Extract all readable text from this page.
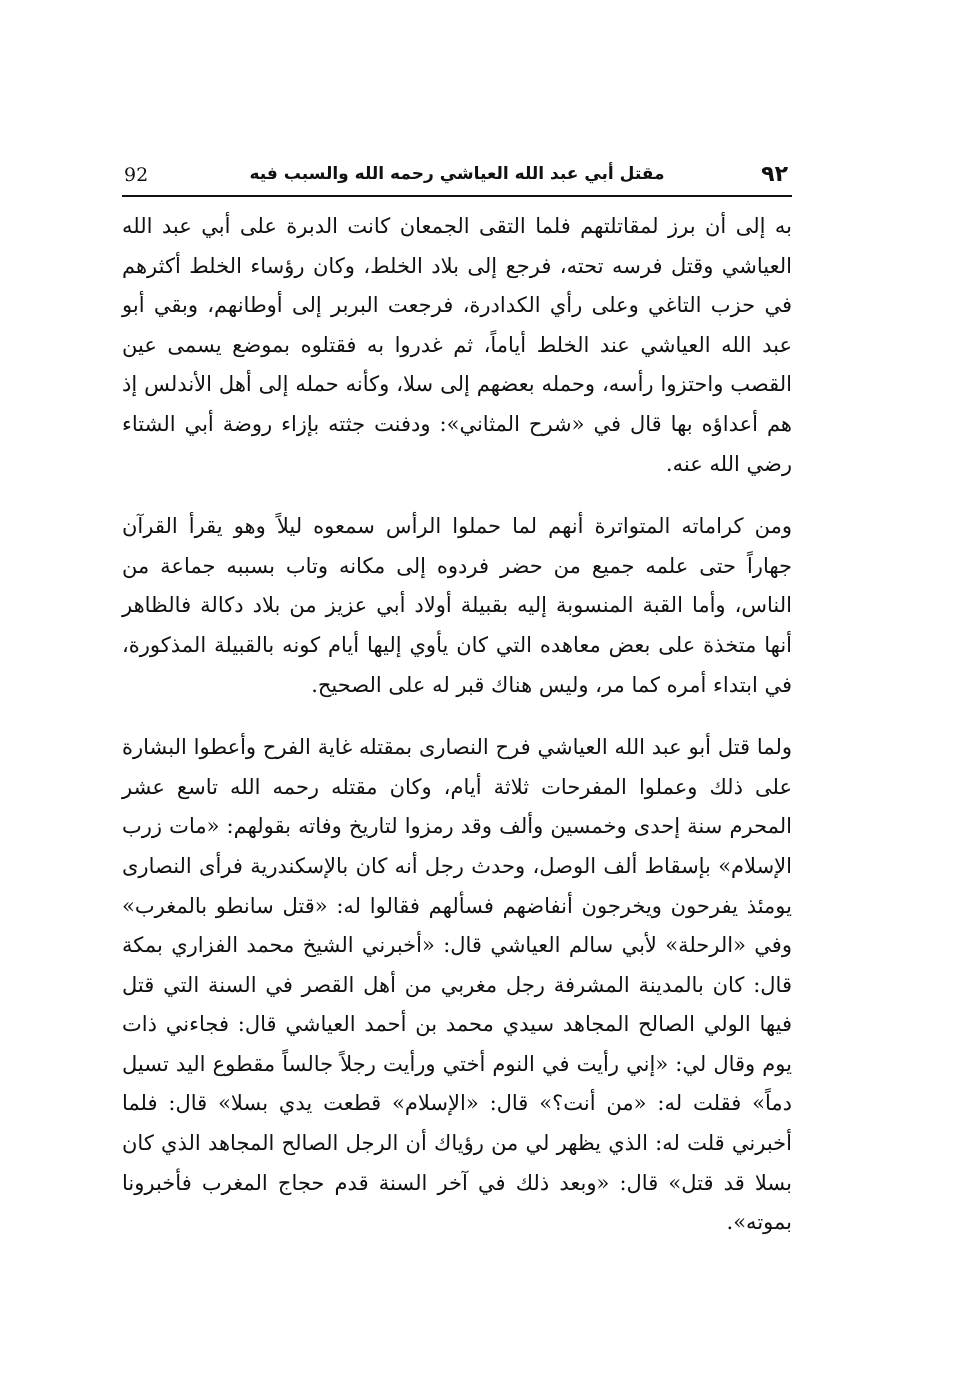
٩٢
مقتل أبي عبد الله العياشي رحمه الله والسبب فيه
92

به إلى أن برز لمقاتلتهم فلما التقى الجمعان كانت الدبرة على أبي عبد الله العياشي وقتل فرسه تحته، فرجع إلى بلاد الخلط، وكان رؤساء الخلط أكثرهم في حزب التاغي وعلى رأي الكدادرة، فرجعت البربر إلى أوطانهم، وبقي أبو عبد الله العياشي عند الخلط أياماً، ثم غدروا به فقتلوه بموضع يسمى عين القصب واحتزوا رأسه، وحمله بعضهم إلى سلا، وكأنه حمله إلى أهل الأندلس إذ هم أعداؤه بها قال في «شرح المثاني»: ودفنت جثته بإزاء روضة أبي الشتاء رضي الله عنه.

ومن كراماته المتواترة أنهم لما حملوا الرأس سمعوه ليلاً وهو يقرأ القرآن جهاراً حتى علمه جميع من حضر فردوه إلى مكانه وتاب بسببه جماعة من الناس، وأما القبة المنسوبة إليه بقبيلة أولاد أبي عزيز من بلاد دكالة فالظاهر أنها متخذة على بعض معاهده التي كان يأوي إليها أيام كونه بالقبيلة المذكورة، في ابتداء أمره كما مر، وليس هناك قبر له على الصحيح.

ولما قتل أبو عبد الله العياشي فرح النصارى بمقتله غاية الفرح وأعطوا البشارة على ذلك وعملوا المفرحات ثلاثة أيام، وكان مقتله رحمه الله تاسع عشر المحرم سنة إحدى وخمسين وألف وقد رمزوا لتاريخ وفاته بقولهم: «مات زرب الإسلام» بإسقاط ألف الوصل، وحدث رجل أنه كان بالإسكندرية فرأى النصارى يومئذ يفرحون ويخرجون أنفاضهم فسألهم فقالوا له: «قتل سانطو بالمغرب» وفي «الرحلة» لأبي سالم العياشي قال: «أخبرني الشيخ محمد الفزاري بمكة قال: كان بالمدينة المشرفة رجل مغربي من أهل القصر في السنة التي قتل فيها الولي الصالح المجاهد سيدي محمد بن أحمد العياشي قال: فجاءني ذات يوم وقال لي: «إني رأيت في النوم أختي ورأيت رجلاً جالساً مقطوع اليد تسيل دماً» فقلت له: «من أنت؟» قال: «الإسلام» قطعت يدي بسلا» قال: فلما أخبرني قلت له: الذي يظهر لي من رؤياك أن الرجل الصالح المجاهد الذي كان بسلا قد قتل» قال: «وبعد ذلك في آخر السنة قدم حجاج المغرب فأخبرونا بموته».
